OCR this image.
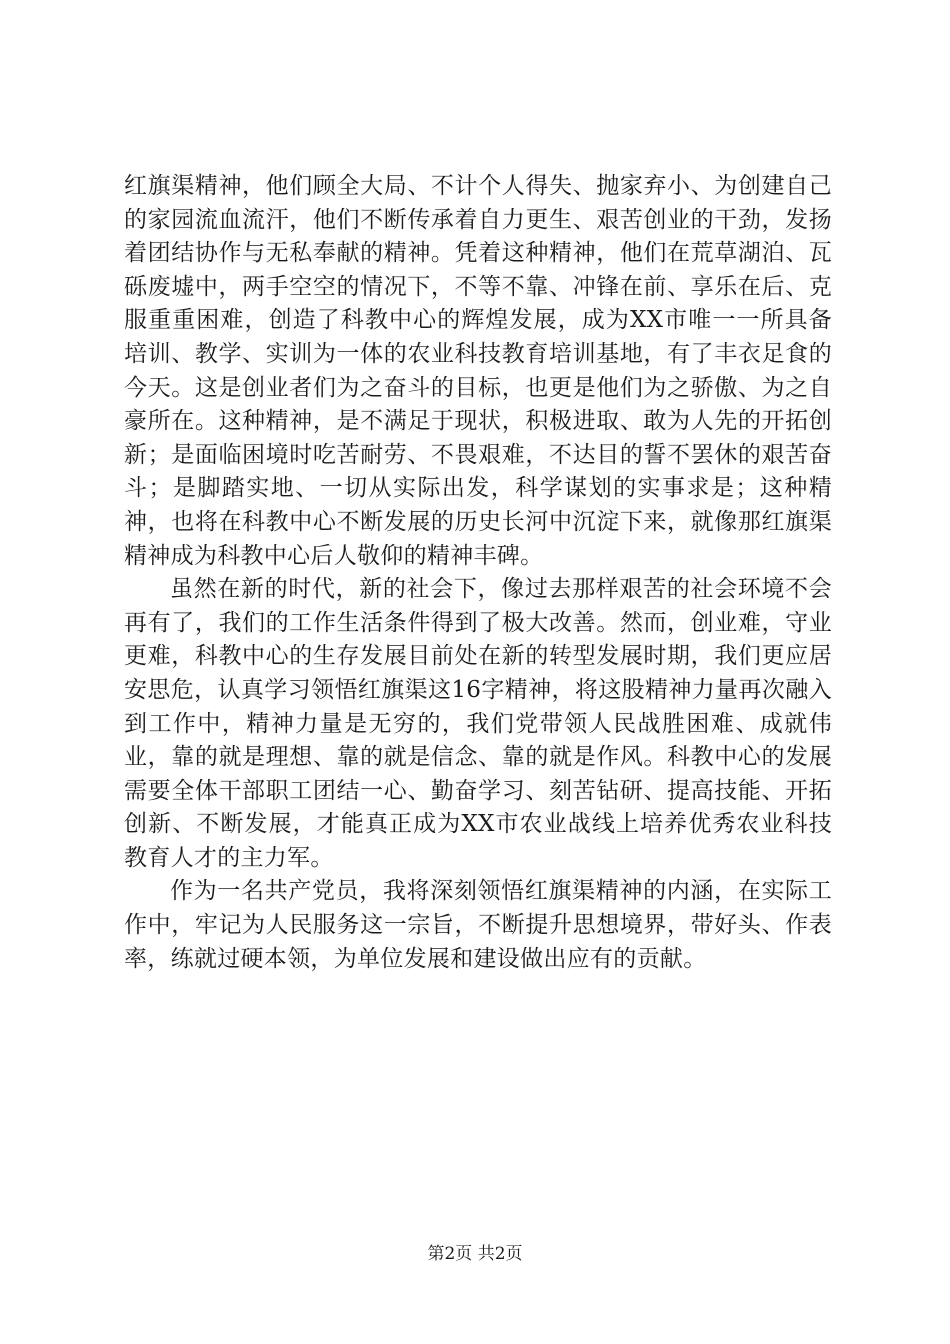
红旗渠精神，他们顾全大局、不计个人得失、抛家弃小、为创建自己的家园流血流汗，他们不断传承着自力更生、艰苦创业的干劲，发扬着团结协作与无私奉献的精神。凭着这种精神，他们在荒草湖泊、瓦砾废墟中，两手空空的情况下，不等不靠、冲锋在前、享乐在后、克服重重困难，创造了科教中心的辉煌发展，成为XX市唯一一所具备培训、教学、实训为一体的农业科技教育培训基地，有了丰衣足食的今天。这是创业者们为之奋斗的目标，也更是他们为之骄傲、为之自豪所在。这种精神，是不满足于现状，积极进取、敢为人先的开拓创新；是面临困境时吃苦耐劳、不畏艰难，不达目的誓不罢休的艰苦奋斗；是脚踏实地、一切从实际出发，科学谋划的实事求是；这种精神，也将在科教中心不断发展的历史长河中沉淀下来，就像那红旗渠精神成为科教中心后人敬仰的精神丰碑。

虽然在新的时代，新的社会下，像过去那样艰苦的社会环境不会再有了，我们的工作生活条件得到了极大改善。然而，创业难，守业更难，科教中心的生存发展目前处在新的转型发展时期，我们更应居安思危，认真学习领悟红旗渠这16字精神，将这股精神力量再次融入到工作中，精神力量是无穷的，我们党带领人民战胜困难、成就伟业，靠的就是理想、靠的就是信念、靠的就是作风。科教中心的发展需要全体干部职工团结一心、勤奋学习、刻苦钻研、提高技能、开拓创新、不断发展，才能真正成为XX市农业战线上培养优秀农业科技教育人才的主力军。

作为一名共产党员，我将深刻领悟红旗渠精神的内涵，在实际工作中，牢记为人民服务这一宗旨，不断提升思想境界，带好头、作表率，练就过硬本领，为单位发展和建设做出应有的贡献。

第2页 共2页
